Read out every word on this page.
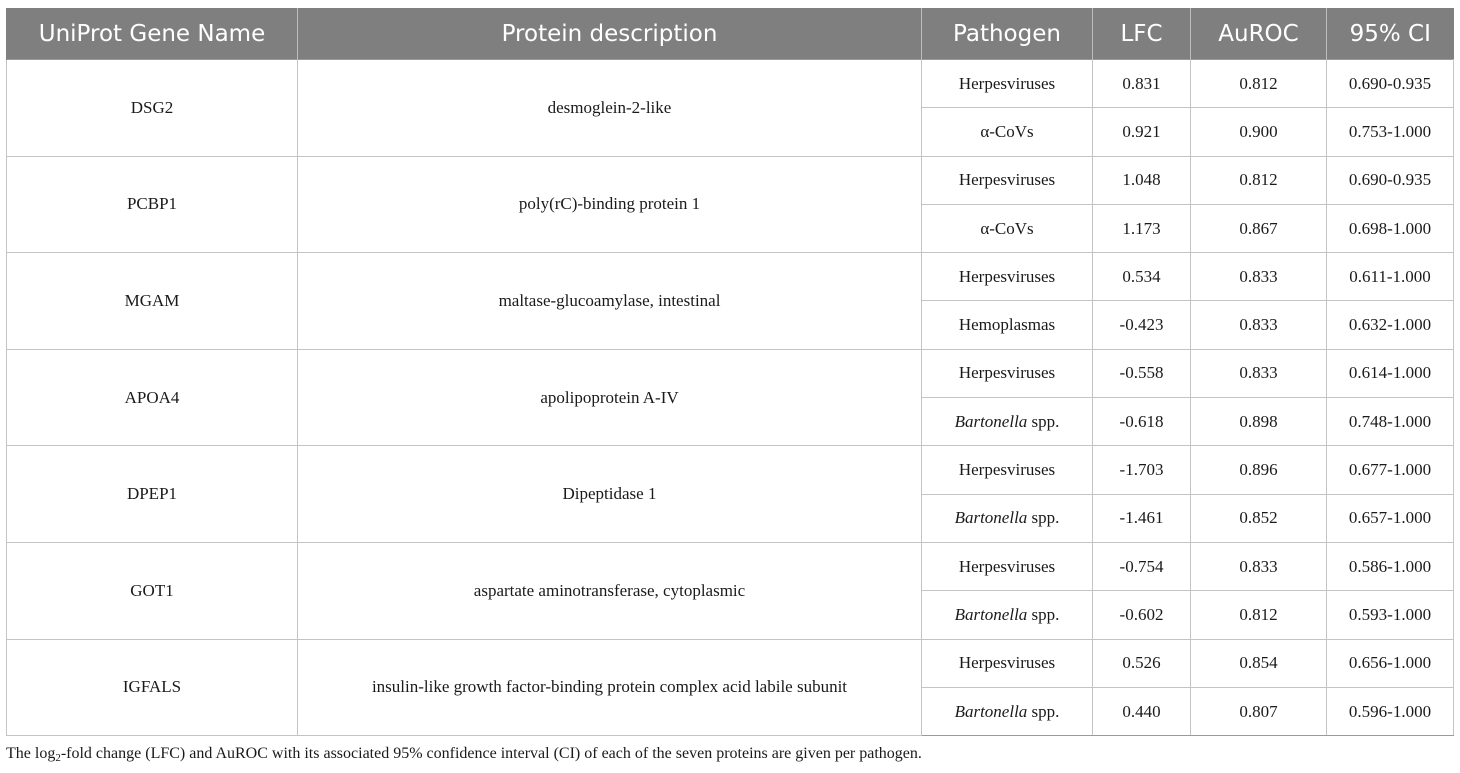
UniProt Gene Name	Protein description	Pathogen	LFC	AuROC	95% CI
DSG2	desmoglein-2-like	Herpesviruses	0.831	0.812	0.690-0.935
		α-CoVs	0.921	0.900	0.753-1.000
PCBP1	poly(rC)-binding protein 1	Herpesviruses	1.048	0.812	0.690-0.935
		α-CoVs	1.173	0.867	0.698-1.000
MGAM	maltase-glucoamylase, intestinal	Herpesviruses	0.534	0.833	0.611-1.000
		Hemoplasmas	-0.423	0.833	0.632-1.000
APOA4	apolipoprotein A-IV	Herpesviruses	-0.558	0.833	0.614-1.000
		Bartonella spp.	-0.618	0.898	0.748-1.000
DPEP1	Dipeptidase 1	Herpesviruses	-1.703	0.896	0.677-1.000
		Bartonella spp.	-1.461	0.852	0.657-1.000
GOT1	aspartate aminotransferase, cytoplasmic	Herpesviruses	-0.754	0.833	0.586-1.000
		Bartonella spp.	-0.602	0.812	0.593-1.000
IGFALS	insulin-like growth factor-binding protein complex acid labile subunit	Herpesviruses	0.526	0.854	0.656-1.000
		Bartonella spp.	0.440	0.807	0.596-1.000
The $\log_2$-fold change (LFC) and AuROC with its associated 95% confidence interval (CI) of each of the seven proteins are given per pathogen.
